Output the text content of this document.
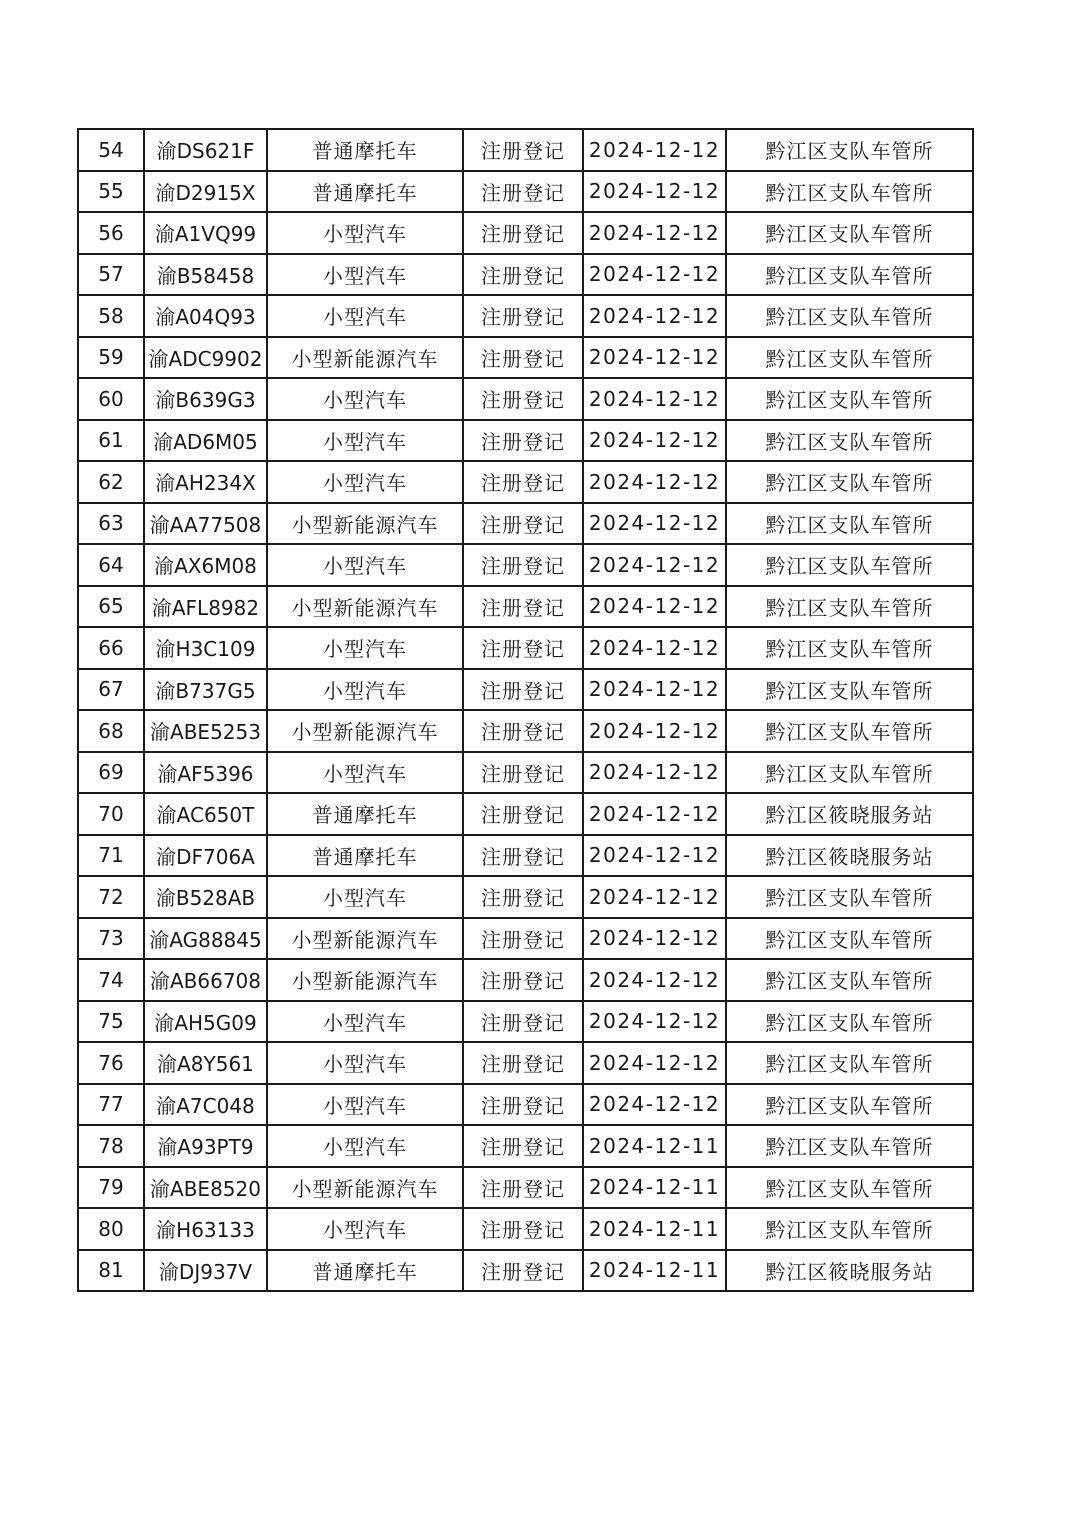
54	渝DS621F	普通摩托车	注册登记	2024-12-12	黔江区支队车管所
55	渝D2915X	普通摩托车	注册登记	2024-12-12	黔江区支队车管所
56	渝A1VQ99	小型汽车	注册登记	2024-12-12	黔江区支队车管所
57	渝B58458	小型汽车	注册登记	2024-12-12	黔江区支队车管所
58	渝A04Q93	小型汽车	注册登记	2024-12-12	黔江区支队车管所
59	渝ADC9902	小型新能源汽车	注册登记	2024-12-12	黔江区支队车管所
60	渝B639G3	小型汽车	注册登记	2024-12-12	黔江区支队车管所
61	渝AD6M05	小型汽车	注册登记	2024-12-12	黔江区支队车管所
62	渝AH234X	小型汽车	注册登记	2024-12-12	黔江区支队车管所
63	渝AA77508	小型新能源汽车	注册登记	2024-12-12	黔江区支队车管所
64	渝AX6M08	小型汽车	注册登记	2024-12-12	黔江区支队车管所
65	渝AFL8982	小型新能源汽车	注册登记	2024-12-12	黔江区支队车管所
66	渝H3C109	小型汽车	注册登记	2024-12-12	黔江区支队车管所
67	渝B737G5	小型汽车	注册登记	2024-12-12	黔江区支队车管所
68	渝ABE5253	小型新能源汽车	注册登记	2024-12-12	黔江区支队车管所
69	渝AF5396	小型汽车	注册登记	2024-12-12	黔江区支队车管所
70	渝AC650T	普通摩托车	注册登记	2024-12-12	黔江区筱晓服务站
71	渝DF706A	普通摩托车	注册登记	2024-12-12	黔江区筱晓服务站
72	渝B528AB	小型汽车	注册登记	2024-12-12	黔江区支队车管所
73	渝AG88845	小型新能源汽车	注册登记	2024-12-12	黔江区支队车管所
74	渝AB66708	小型新能源汽车	注册登记	2024-12-12	黔江区支队车管所
75	渝AH5G09	小型汽车	注册登记	2024-12-12	黔江区支队车管所
76	渝A8Y561	小型汽车	注册登记	2024-12-12	黔江区支队车管所
77	渝A7C048	小型汽车	注册登记	2024-12-12	黔江区支队车管所
78	渝A93PT9	小型汽车	注册登记	2024-12-11	黔江区支队车管所
79	渝ABE8520	小型新能源汽车	注册登记	2024-12-11	黔江区支队车管所
80	渝H63133	小型汽车	注册登记	2024-12-11	黔江区支队车管所
81	渝DJ937V	普通摩托车	注册登记	2024-12-11	黔江区筱晓服务站
